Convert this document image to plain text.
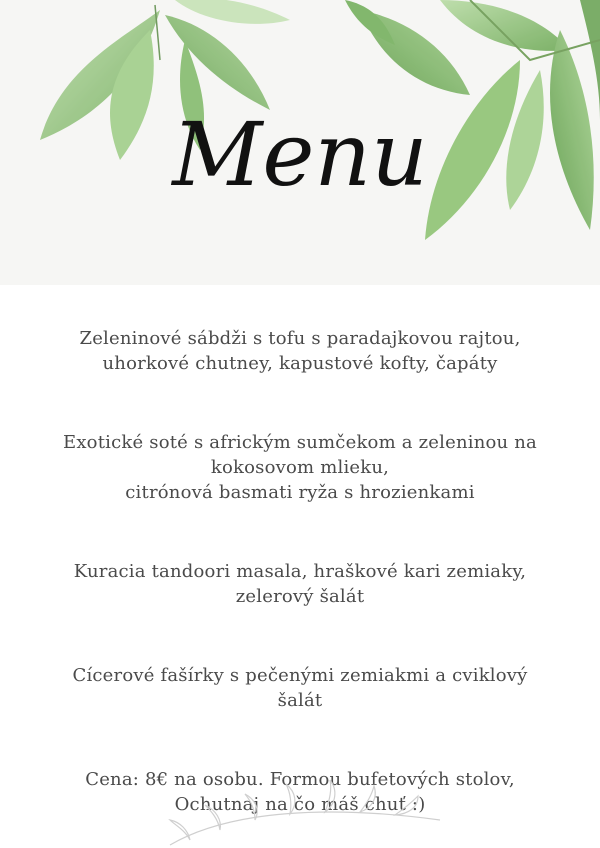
Menu

Zeleninové sábdži s tofu s paradajkovou rajtou,

uhorkové chutney, kapustové kofty, čapáty

Exotické soté s africkým sumčekom a zeleninou na

kokosovom mlieku,

citrónová basmati ryža s hrozienkami

Kuracia tandoori masala, hraškové kari zemiaky,

zelerový šalát

Cícerové fašírky s pečenými zemiakmi a cviklový

šalát

Cena: 8€ na osobu. Formou bufetových stolov,

Ochutnaj na čo máš chuť :)
